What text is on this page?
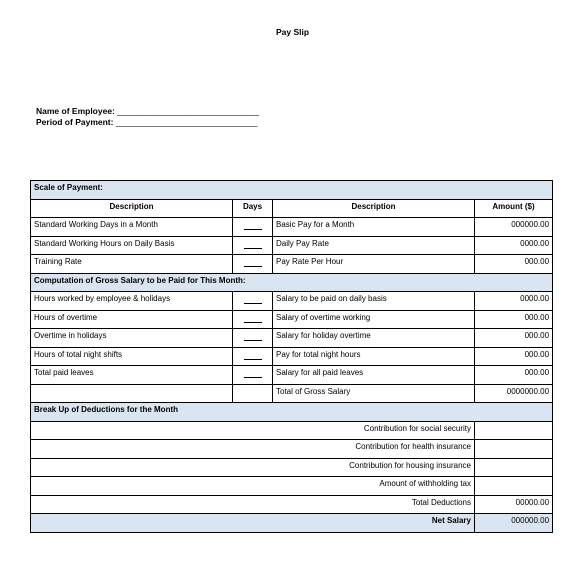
Pay Slip
Name of Employee: ______________________________
Period of Payment: ______________________________
Scale of Payment:			
Description	Days	Description	Amount ($)
Standard Working Days in a Month		Basic Pay for a Month	000000.00
Standard Working Hours on Daily Basis		Daily Pay Rate	0000.00
Training Rate		Pay Rate Per Hour	000.00
Computation of Gross Salary to be Paid for This Month:			
Hours worked by employee & holidays		Salary to be paid on daily basis	0000.00
Hours of overtime		Salary of overtime working	000.00
Overtime in holidays		Salary for holiday overtime	000.00
Hours of total night shifts		Pay for total night hours	000.00
Total paid leaves		Salary for all paid leaves	000.00
		Total of Gross Salary	0000000.00
Break Up of Deductions for the Month			
Contribution for social security			
Contribution for health insurance			
Contribution for housing insurance			
Amount of withholding tax			
Total Deductions			00000.00
Net Salary			000000.00
